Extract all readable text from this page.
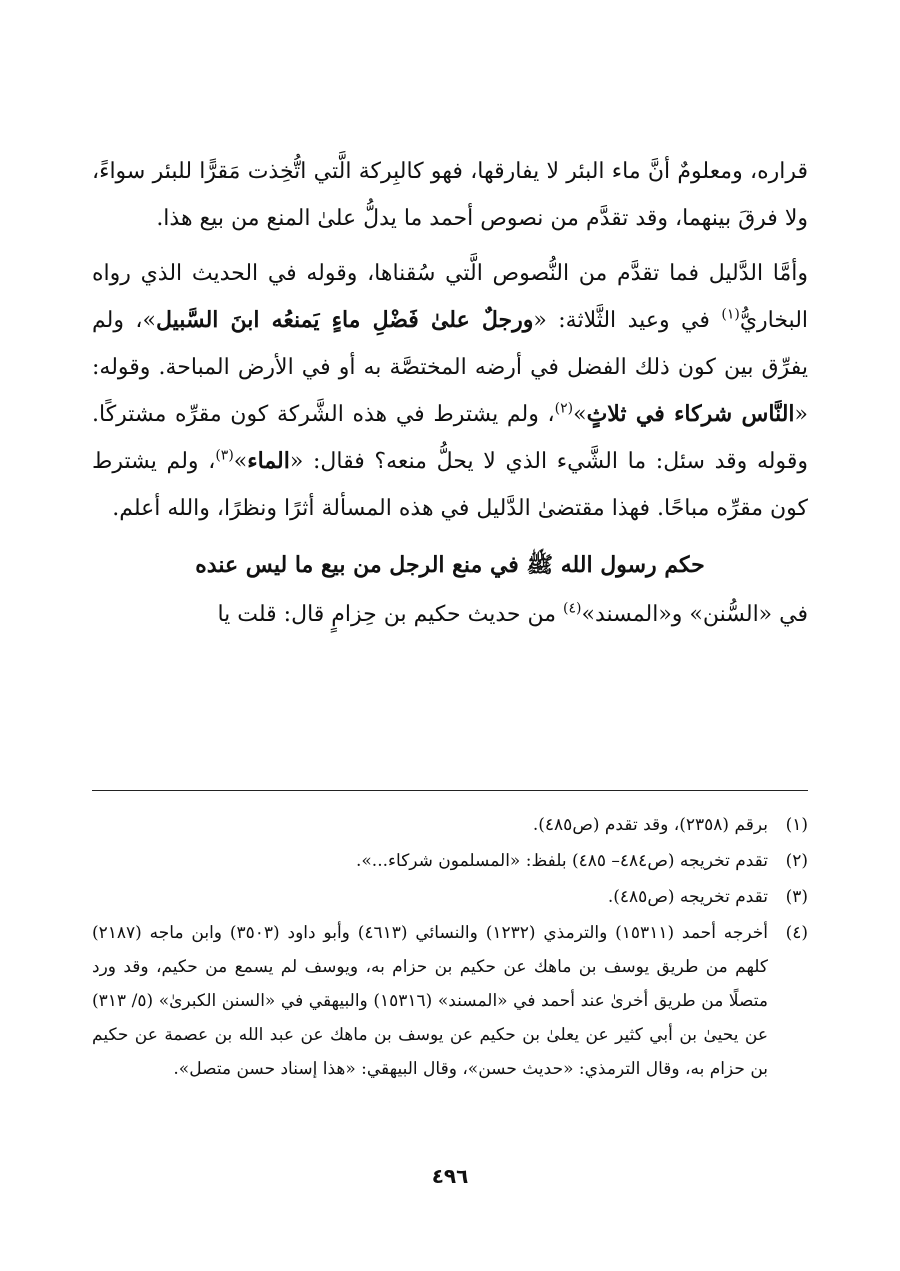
قراره، ومعلومٌ أنَّ ماء البئر لا يفارقها، فهو كالبِركة الَّتي اتُّخِذت مَقرًّا للبئر سواءً، ولا فرقَ بينهما، وقد تقدَّم من نصوص أحمد ما يدلُّ علىٰ المنع من بيع هذا.

وأمَّا الدَّليل فما تقدَّم من النُّصوص الَّتي سُقناها، وقوله في الحديث الذي رواه البخاريُّ$^{(١)}$ في وعيد الثَّلاثة: «ورجلٌ علىٰ فَضْلِ ماءٍ يَمنعُه ابنَ السَّبيل»، ولم يفرِّق بين كون ذلك الفضل في أرضه المختصَّة به أو في الأرض المباحة. وقوله: «النَّاس شركاء في ثلاثٍ»$^{(٢)}$، ولم يشترط في هذه الشَّركة كون مقرِّه مشتركًا. وقوله وقد سئل: ما الشَّيء الذي لا يحلُّ منعه؟ فقال: «الماء»$^{(٣)}$، ولم يشترط كون مقرِّه مباحًا. فهذا مقتضىٰ الدَّليل في هذه المسألة أثرًا ونظرًا، والله أعلم.

حكم رسول الله ﷺ في منع الرجل من بيع ما ليس عنده

في «السُّنن» و«المسند»$^{(٤)}$ من حديث حكيم بن حِزامٍ قال: قلت يا

(١)
برقم (٢٣٥٨)، وقد تقدم (ص٤٨٥).
(٢)
تقدم تخريجه (ص٤٨٤– ٤٨٥) بلفظ: «المسلمون شركاء...».
(٣)
تقدم تخريجه (ص٤٨٥).
(٤)
أخرجه أحمد (١٥٣١١) والترمذي (١٢٣٢) والنسائي (٤٦١٣) وأبو داود (٣٥٠٣) وابن ماجه (٢١٨٧) كلهم من طريق يوسف بن ماهك عن حكيم بن حزام به، ويوسف لم يسمع من حكيم، وقد ورد متصلًا من طريق أخرىٰ عند أحمد في «المسند» (١٥٣١٦) والبيهقي في «السنن الكبرىٰ» (٥/ ٣١٣) عن يحيىٰ بن أبي كثير عن يعلىٰ بن حكيم عن يوسف بن ماهك عن عبد الله بن عصمة عن حكيم بن حزام به، وقال الترمذي: «حديث حسن»، وقال البيهقي: «هذا إسناد حسن متصل».
٤٩٦
